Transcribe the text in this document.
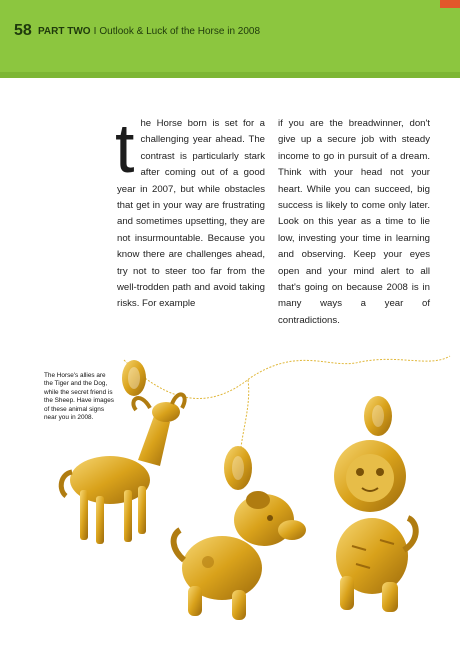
58 PART TWO I Outlook & Luck of the Horse in 2008
the Horse born is set for a challenging year ahead. The contrast is particularly stark after coming out of a good year in 2007, but while obstacles that get in your way are frustrating and sometimes upsetting, they are not insurmountable. Because you know there are challenges ahead, try not to steer too far from the well-trodden path and avoid taking risks. For example
if you are the breadwinner, don't give up a secure job with steady income to go in pursuit of a dream. Think with your head not your heart. While you can succeed, big success is likely to come only later. Look on this year as a time to lie low, investing your time in learning and observing. Keep your eyes open and your mind alert to all that's going on because 2008 is in many ways a year of contradictions.
The Horse's allies are the Tiger and the Dog, while the secret friend is the Sheep. Have images of these animal signs near you in 2008.
